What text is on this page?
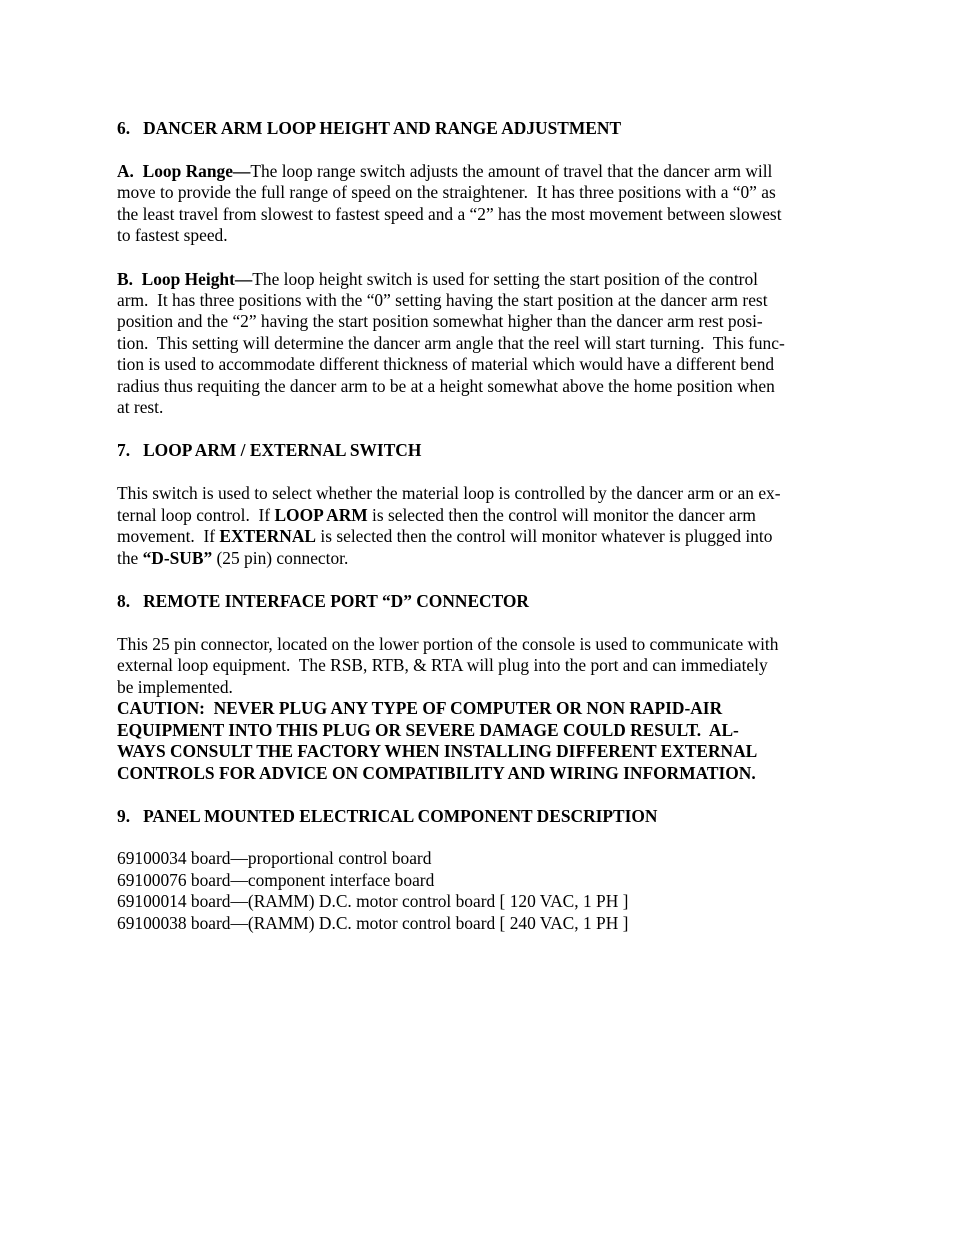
6.   DANCER ARM LOOP HEIGHT AND RANGE ADJUSTMENT
A.  Loop Range—The loop range switch adjusts the amount of travel that the dancer arm will
move to provide the full range of speed on the straightener.  It has three positions with a “0” as
the least travel from slowest to fastest speed and a “2” has the most movement between slowest
to fastest speed.
B.  Loop Height—The loop height switch is used for setting the start position of the control
arm.  It has three positions with the “0” setting having the start position at the dancer arm rest
position and the “2” having the start position somewhat higher than the dancer arm rest posi-
tion.  This setting will determine the dancer arm angle that the reel will start turning.  This func-
tion is used to accommodate different thickness of material which would have a different bend
radius thus requiting the dancer arm to be at a height somewhat above the home position when
at rest.
7.   LOOP ARM / EXTERNAL SWITCH
This switch is used to select whether the material loop is controlled by the dancer arm or an ex-
ternal loop control.  If LOOP ARM is selected then the control will monitor the dancer arm
movement.  If EXTERNAL is selected then the control will monitor whatever is plugged into
the “D-SUB” (25 pin) connector.
8.   REMOTE INTERFACE PORT “D” CONNECTOR
This 25 pin connector, located on the lower portion of the console is used to communicate with
external loop equipment.  The RSB, RTB, & RTA will plug into the port and can immediately
be implemented.
CAUTION:  NEVER PLUG ANY TYPE OF COMPUTER OR NON RAPID-AIR
EQUIPMENT INTO THIS PLUG OR SEVERE DAMAGE COULD RESULT.  AL-
WAYS CONSULT THE FACTORY WHEN INSTALLING DIFFERENT EXTERNAL
CONTROLS FOR ADVICE ON COMPATIBILITY AND WIRING INFORMATION.
9.   PANEL MOUNTED ELECTRICAL COMPONENT DESCRIPTION
69100034 board—proportional control board
69100076 board—component interface board
69100014 board—(RAMM) D.C. motor control board [ 120 VAC, 1 PH ]
69100038 board—(RAMM) D.C. motor control board [ 240 VAC, 1 PH ]
